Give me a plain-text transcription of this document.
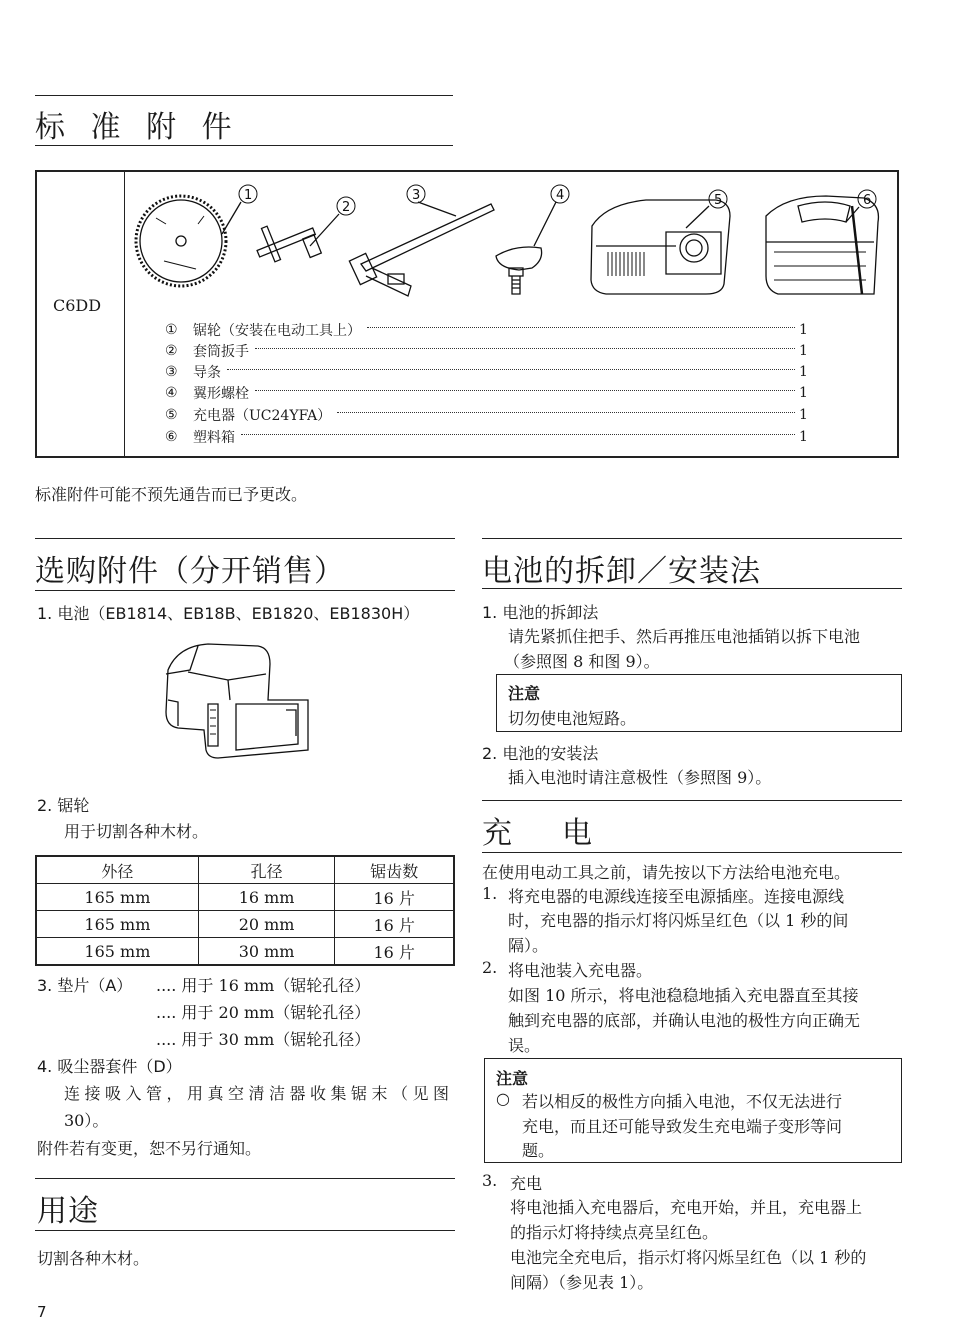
标 准 附 件
C6DD
1
2
3	4	5	6
①	锯轮（安装在电动工具上）	1
②	套筒扳手	1
③	导条	1
④	翼形螺栓	1
⑤	充电器（UC24YFA）	1
⑥	塑料箱	1
标准附件可能不预先通告而已予更改。
选购附件（分开销售）
1. 电池（EB1814、EB18B、EB1820、EB1830H）
2. 锯轮
用于切割各种木材。
外径	孔径	锯齿数
165 mm	16 mm	16 片
165 mm	20 mm	16 片
165 mm	30 mm	16 片
3. 垫片（A） .... 用于 16 mm（锯轮孔径）
.... 用于 20 mm（锯轮孔径）
.... 用于 30 mm（锯轮孔径）
4. 吸尘器套件（D）
连接吸入管，用真空清洁器收集锯末（见图
30）。
附件若有变更，恕不另行通知。
用途
切割各种木材。
7
电池的拆卸／安装法
1. 电池的拆卸法
请先紧抓住把手、然后再推压电池插销以拆下电池
（参照图 8 和图 9）。
注意
切勿使电池短路。
2. 电池的安装法
插入电池时请注意极性（参照图 9）。
充　电
在使用电动工具之前，请先按以下方法给电池充电。
1. 将充电器的电源线连接至电源插座。连接电源线
时，充电器的指示灯将闪烁呈红色（以 1 秒的间
隔）。
2. 将电池装入充电器。
如图 10 所示，将电池稳稳地插入充电器直至其接
触到充电器的底部，并确认电池的极性方向正确无
误。
注意
○ 若以相反的极性方向插入电池，不仅无法进行
充电，而且还可能导致发生充电端子变形等问
题。
3. 充电
将电池插入充电器后，充电开始，并且，充电器上
的指示灯将持续点亮呈红色。
电池完全充电后，指示灯将闪烁呈红色（以 1 秒的
间隔）（参见表 1）。
